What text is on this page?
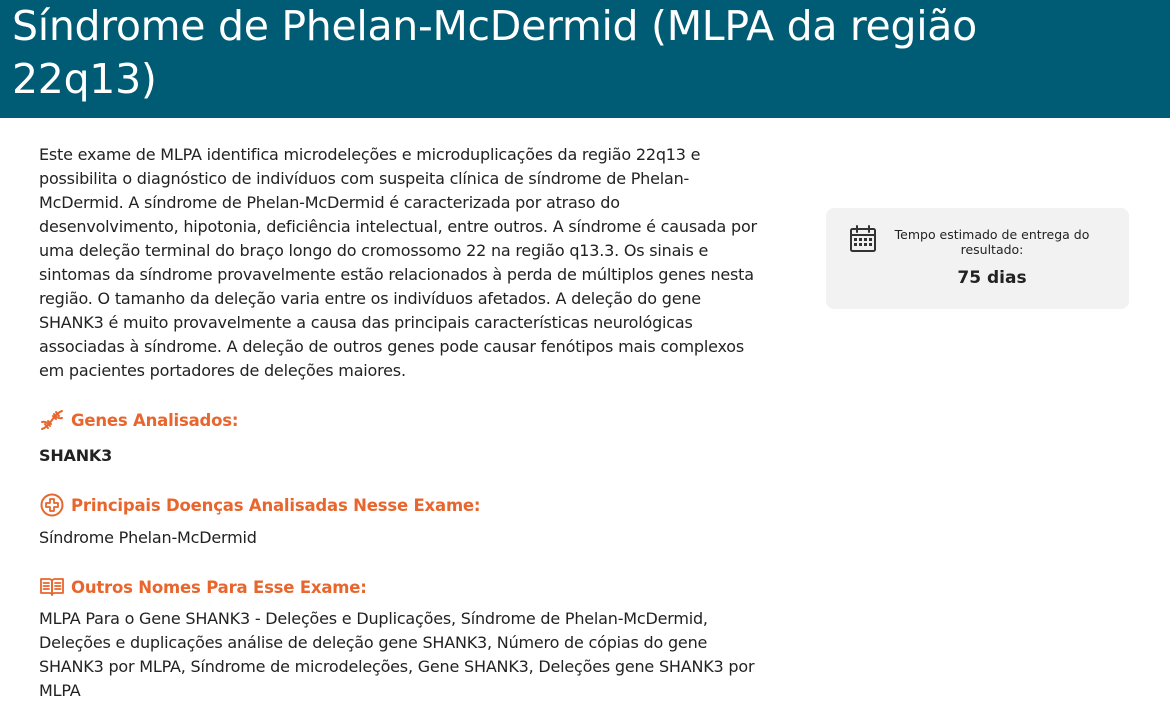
Síndrome de Phelan-McDermid (MLPA da região 22q13)

Este exame de MLPA identifica microdeleções e microduplicações da região 22q13 e possibilita o diagnóstico de indivíduos com suspeita clínica de síndrome de Phelan-McDermid. A síndrome de Phelan-McDermid é caracterizada por atraso do desenvolvimento, hipotonia, deficiência intelectual, entre outros. A síndrome é causada por uma deleção terminal do braço longo do cromossomo 22 na região q13.3. Os sinais e sintomas da síndrome provavelmente estão relacionados à perda de múltiplos genes nesta região. O tamanho da deleção varia entre os indivíduos afetados. A deleção do gene SHANK3 é muito provavelmente a causa das principais características neurológicas associadas à síndrome. A deleção de outros genes pode causar fenótipos mais complexos em pacientes portadores de deleções maiores.

Genes Analisados:

SHANK3

Principais Doenças Analisadas Nesse Exame:

Síndrome Phelan-McDermid

Outros Nomes Para Esse Exame:

MLPA Para o Gene SHANK3 - Deleções e Duplicações, Síndrome de Phelan-McDermid, Deleções e duplicações análise de deleção gene SHANK3, Número de cópias do gene SHANK3 por MLPA, Síndrome de microdeleções, Gene SHANK3, Deleções gene SHANK3 por MLPA

Tempo estimado de entrega do resultado:
75 dias
